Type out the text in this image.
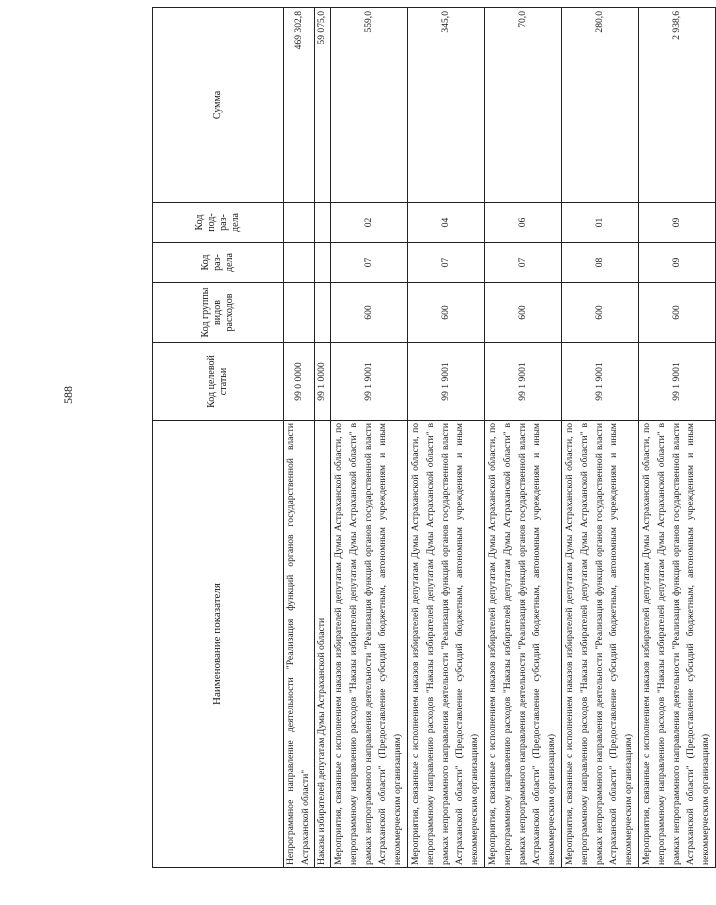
588
Наименование показателя	Код целевой статьи	Код группы видов расходов	Код раз-дела	Код под-раз-дела	Сумма
Непрограммное направление деятельности "Реализация функций органов государственной власти Астраханской области"	99 0 0000				469 302,8
Наказы избирателей депутатам Думы Астраханской области	99 1 0000				59 075,0
Мероприятия, связанные с исполнением наказов избирателей депутатам Думы Астраханской области, по непрограммному направлению расходов "Наказы избирателей депутатам Думы Астраханской области" в рамках непрограммного направления деятельности "Реализация функций органов государственной власти Астраханской области" (Предоставление субсидий бюджетным, автономным учреждениям и иным некоммерческим организациям)	99 1 9001	600	07	02	559,0
Мероприятия, связанные с исполнением наказов избирателей депутатам Думы Астраханской области, по непрограммному направлению расходов "Наказы избирателей депутатам Думы Астраханской области" в рамках непрограммного направления деятельности "Реализация функций органов государственной власти Астраханской области" (Предоставление субсидий бюджетным, автономным учреждениям и иным некоммерческим организациям)	99 1 9001	600	07	04	345,0
Мероприятия, связанные с исполнением наказов избирателей депутатам Думы Астраханской области, по непрограммному направлению расходов "Наказы избирателей депутатам Думы Астраханской области" в рамках непрограммного направления деятельности "Реализация функций органов государственной власти Астраханской области" (Предоставление субсидий бюджетным, автономным учреждениям и иным некоммерческим организациям)	99 1 9001	600	07	06	70,0
Мероприятия, связанные с исполнением наказов избирателей депутатам Думы Астраханской области, по непрограммному направлению расходов "Наказы избирателей депутатам Думы Астраханской области" в рамках непрограммного направления деятельности "Реализация функций органов государственной власти Астраханской области" (Предоставление субсидий бюджетным, автономным учреждениям и иным некоммерческим организациям)	99 1 9001	600	08	01	280,0
Мероприятия, связанные с исполнением наказов избирателей депутатам Думы Астраханской области, по непрограммному направлению расходов "Наказы избирателей депутатам Думы Астраханской области" в рамках непрограммного направления деятельности "Реализация функций органов государственной власти Астраханской области" (Предоставление субсидий бюджетным, автономным учреждениям и иным некоммерческим организациям)	99 1 9001	600	09	09	2 938,6
